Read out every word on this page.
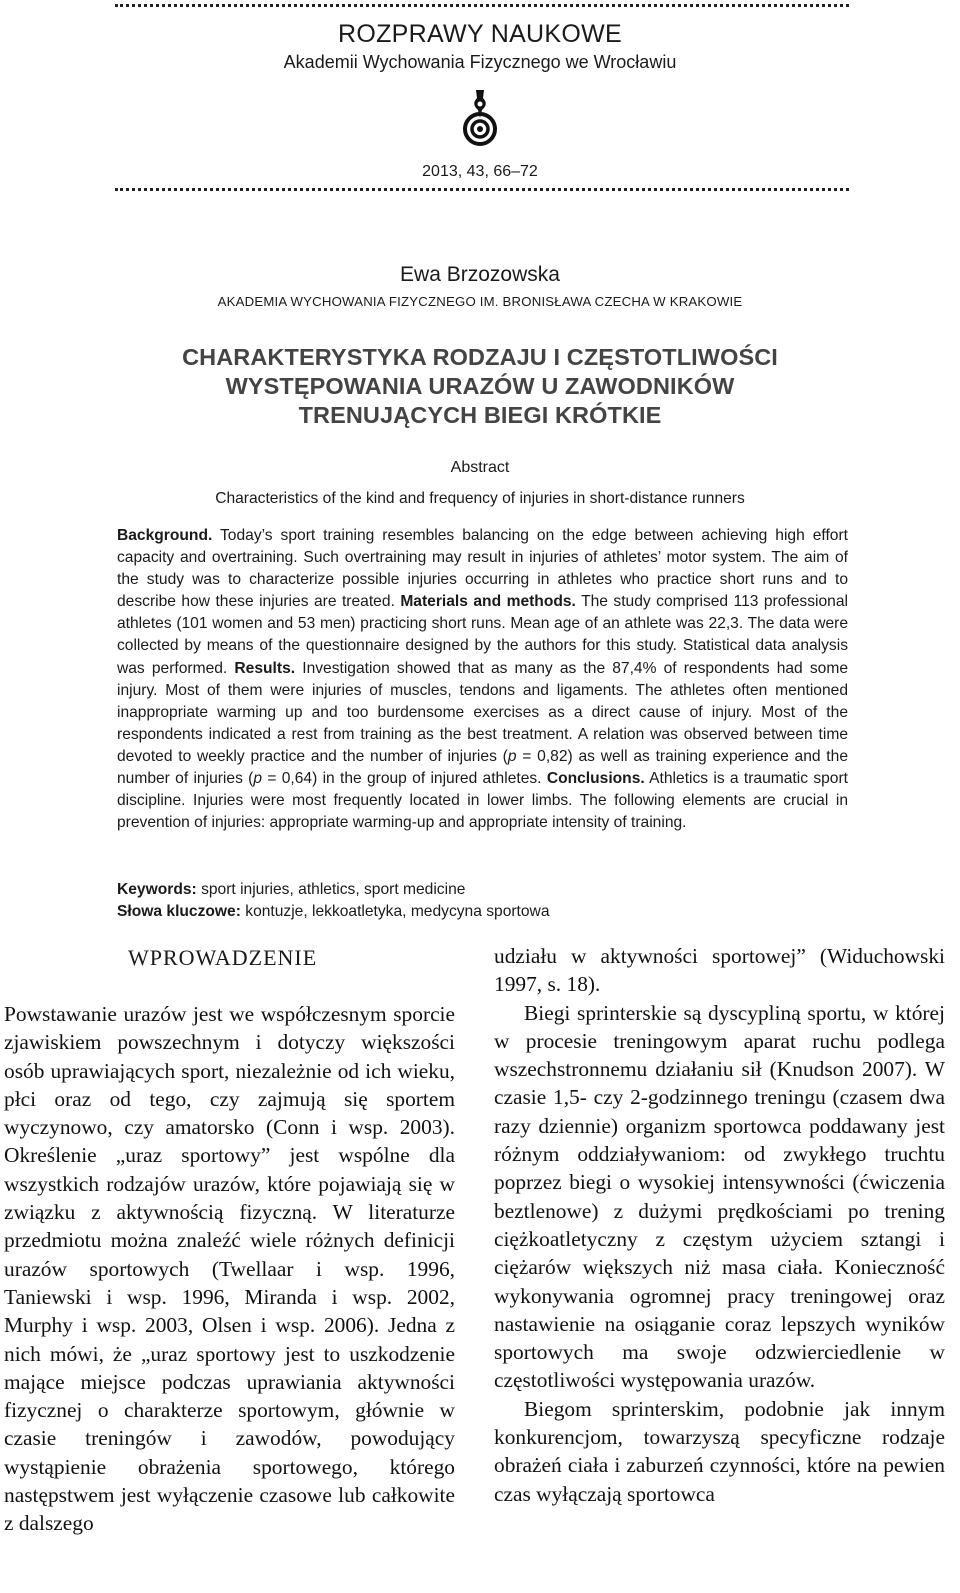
ROZPRAWY NAUKOWE
Akademii Wychowania Fizycznego we Wrocławiu
2013, 43, 66–72
Ewa Brzozowska
AKADEMIA WYCHOWANIA FIZYCZNEGO IM. BRONISŁAWA CZECHA W KRAKOWIE
CHARAKTERYSTYKA RODZAJU I CZĘSTOTLIWOŚCI
WYSTĘPOWANIA URAZÓW U ZAWODNIKÓW
TRENUJĄCYCH BIEGI KRÓTKIE
Abstract
Characteristics of the kind and frequency of injuries in short-distance runners
Background. Today’s sport training resembles balancing on the edge between achieving high effort capacity and overtraining. Such overtraining may result in injuries of athletes’ motor system. The aim of the study was to characterize possible injuries occurring in athletes who practice short runs and to describe how these injuries are treated. Materials and methods. The study comprised 113 professional athletes (101 women and 53 men) practicing short runs. Mean age of an athlete was 22,3. The data were collected by means of the questionnaire designed by the authors for this study. Statistical data analysis was performed. Results. Investigation showed that as many as the 87,4% of respondents had some injury. Most of them were injuries of muscles, tendons and ligaments. The athletes often mentioned inappropriate warming up and too burdensome exercises as a direct cause of injury. Most of the respondents indicated a rest from training as the best treatment. A relation was observed between time devoted to weekly practice and the number of injuries (p = 0,82) as well as training experience and the number of injuries (p = 0,64) in the group of injured athletes. Conclusions. Athletics is a traumatic sport discipline. Injuries were most frequently located in lower limbs. The following elements are crucial in prevention of injuries: appropriate warming-up and appropriate intensity of training.
Keywords: sport injuries, athletics, sport medicine
Słowa kluczowe: kontuzje, lekkoatletyka, medycyna sportowa
WPROWADZENIE

Powstawanie urazów jest we współczesnym sporcie zjawiskiem powszechnym i dotyczy większości osób uprawiających sport, niezależnie od ich wieku, płci oraz od tego, czy zajmują się sportem wyczynowo, czy amatorsko (Conn i wsp. 2003). Określenie „uraz sportowy” jest wspólne dla wszystkich rodzajów urazów, które pojawiają się w związku z aktywnością fizyczną. W literaturze przedmiotu można znaleźć wiele różnych definicji urazów sportowych (Twellaar i wsp. 1996, Taniewski i wsp. 1996, Miranda i wsp. 2002, Murphy i wsp. 2003, Olsen i wsp. 2006). Jedna z nich mówi, że „uraz sportowy jest to uszkodzenie mające miejsce podczas uprawiania aktywności fizycznej o charakterze sportowym, głównie w czasie treningów i zawodów, powodujący wystąpienie obrażenia sportowego, którego następstwem jest wyłączenie czasowe lub całkowite z dalszego

udziału w aktywności sportowej” (Widuchowski 1997, s. 18).

Biegi sprinterskie są dyscypliną sportu, w której w procesie treningowym aparat ruchu podlega wszechstronnemu działaniu sił (Knudson 2007). W czasie 1,5- czy 2-godzinnego treningu (czasem dwa razy dziennie) organizm sportowca poddawany jest różnym oddziaływaniom: od zwykłego truchtu poprzez biegi o wysokiej intensywności (ćwiczenia beztlenowe) z dużymi prędkościami po trening ciężkoatletyczny z częstym użyciem sztangi i ciężarów większych niż masa ciała. Konieczność wykonywania ogromnej pracy treningowej oraz nastawienie na osiąganie coraz lepszych wyników sportowych ma swoje odzwierciedlenie w częstotliwości występowania urazów.

Biegom sprinterskim, podobnie jak innym konkurencjom, towarzyszą specyficzne rodzaje obrażeń ciała i zaburzeń czynności, które na pewien czas wyłączają sportowca
